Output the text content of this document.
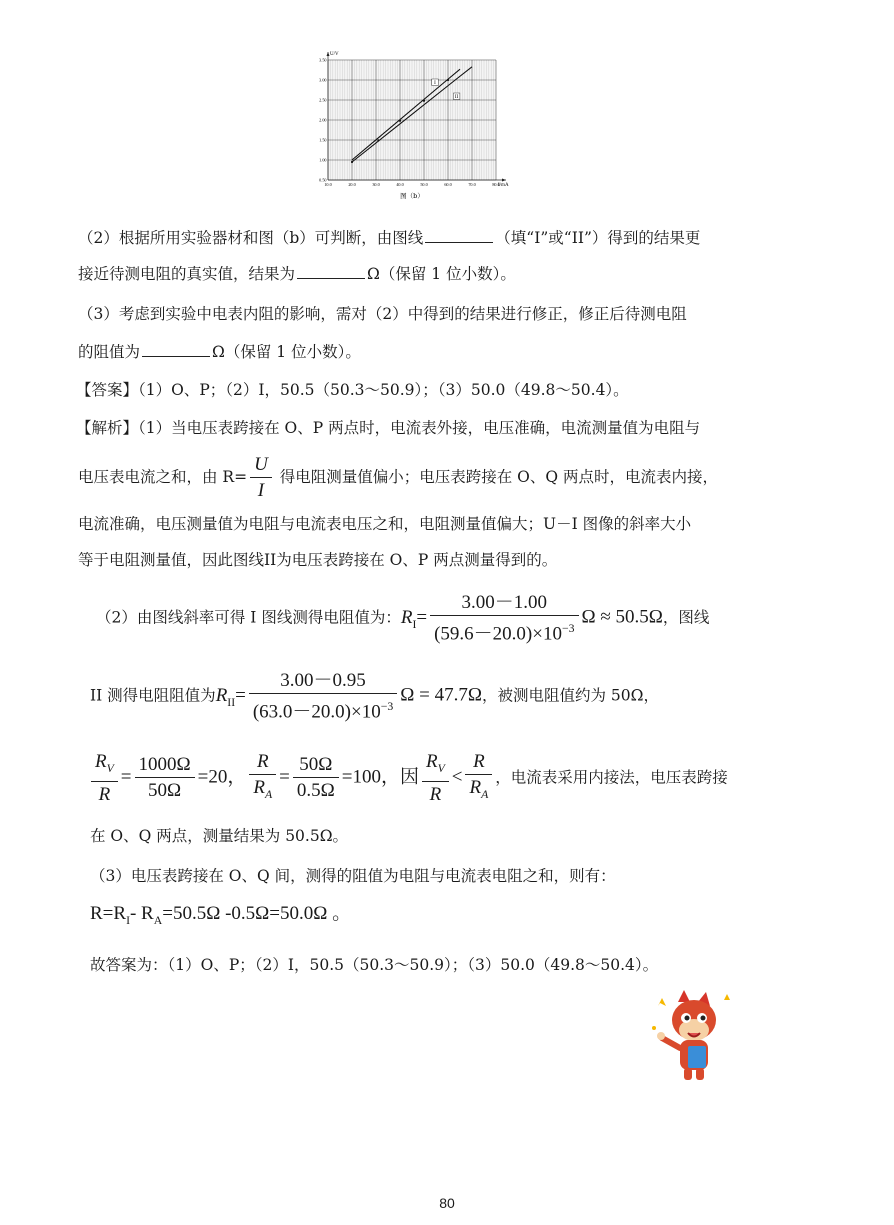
10.0	20.0	30.0	40.0	50.0	60.0	70.0	80.0
0.50
1.00
1.50
2.00
2.50
3.00
3.50
I
II
I/mA
U/V
图（b）
（2）根据所用实验器材和图（b）可判断，由图线	（填“I”或“II”）得到的结果更
接近待测电阻的真实值，结果为	Ω（保留 1 位小数）。
（3）考虑到实验中电表内阻的影响，需对（2）中得到的结果进行修正，修正后待测电阻
的阻值为	Ω（保留 1 位小数）。
【答案】（1）O、P；（2）I，50.5（50.3～50.9）；（3）50.0（49.8～50.4）。
【解析】（1）当电压表跨接在 O、P 两点时，电流表外接，电压准确，电流测量值为电阻与
电压表电流之和，由 $R= \frac{U}{I}$ 得电阻测量值偏小；电压表跨接在 O、Q 两点时，电流表内接，
电流准确，电压测量值为电阻与电流表电压之和，电阻测量值偏大；U－I 图像的斜率大小
等于电阻测量值，因此图线II为电压表跨接在 O、P 两点测量得到的。
（2）由图线斜率可得 I 图线测得电阻值为：$R_I= \frac{3.00-1.00}{(59.6-20.0)\times 10^{-3}}$ Ω ≈ 50.5Ω，图线
II 测得电阻阻值为$R_{II}= \frac{3.00-0.95}{(63.0-20.0)\times 10^{-3}}$ Ω = 47.7Ω，被测电阻值约为 50Ω，
$\frac{R_V}{R} = \frac{1000\Omega}{50\Omega} =20$， $\frac{R}{R_A} = \frac{50\Omega}{0.5\Omega} =100$，因 $\frac{R_V}{R} < \frac{R}{R_A}$ ，电流表采用内接法，电压表跨接
在 O、Q 两点，测量结果为 50.5Ω。
（3）电压表跨接在 O、Q 间，测得的阻值为电阻与电流表电阻之和，则有：
$R=R_I-$ $R_A=50.5\Omega$ -0.5Ω=50.0Ω 。
故答案为：（1）O、P；（2）I，50.5（50.3～50.9）；（3）50.0（49.8～50.4）。
80
